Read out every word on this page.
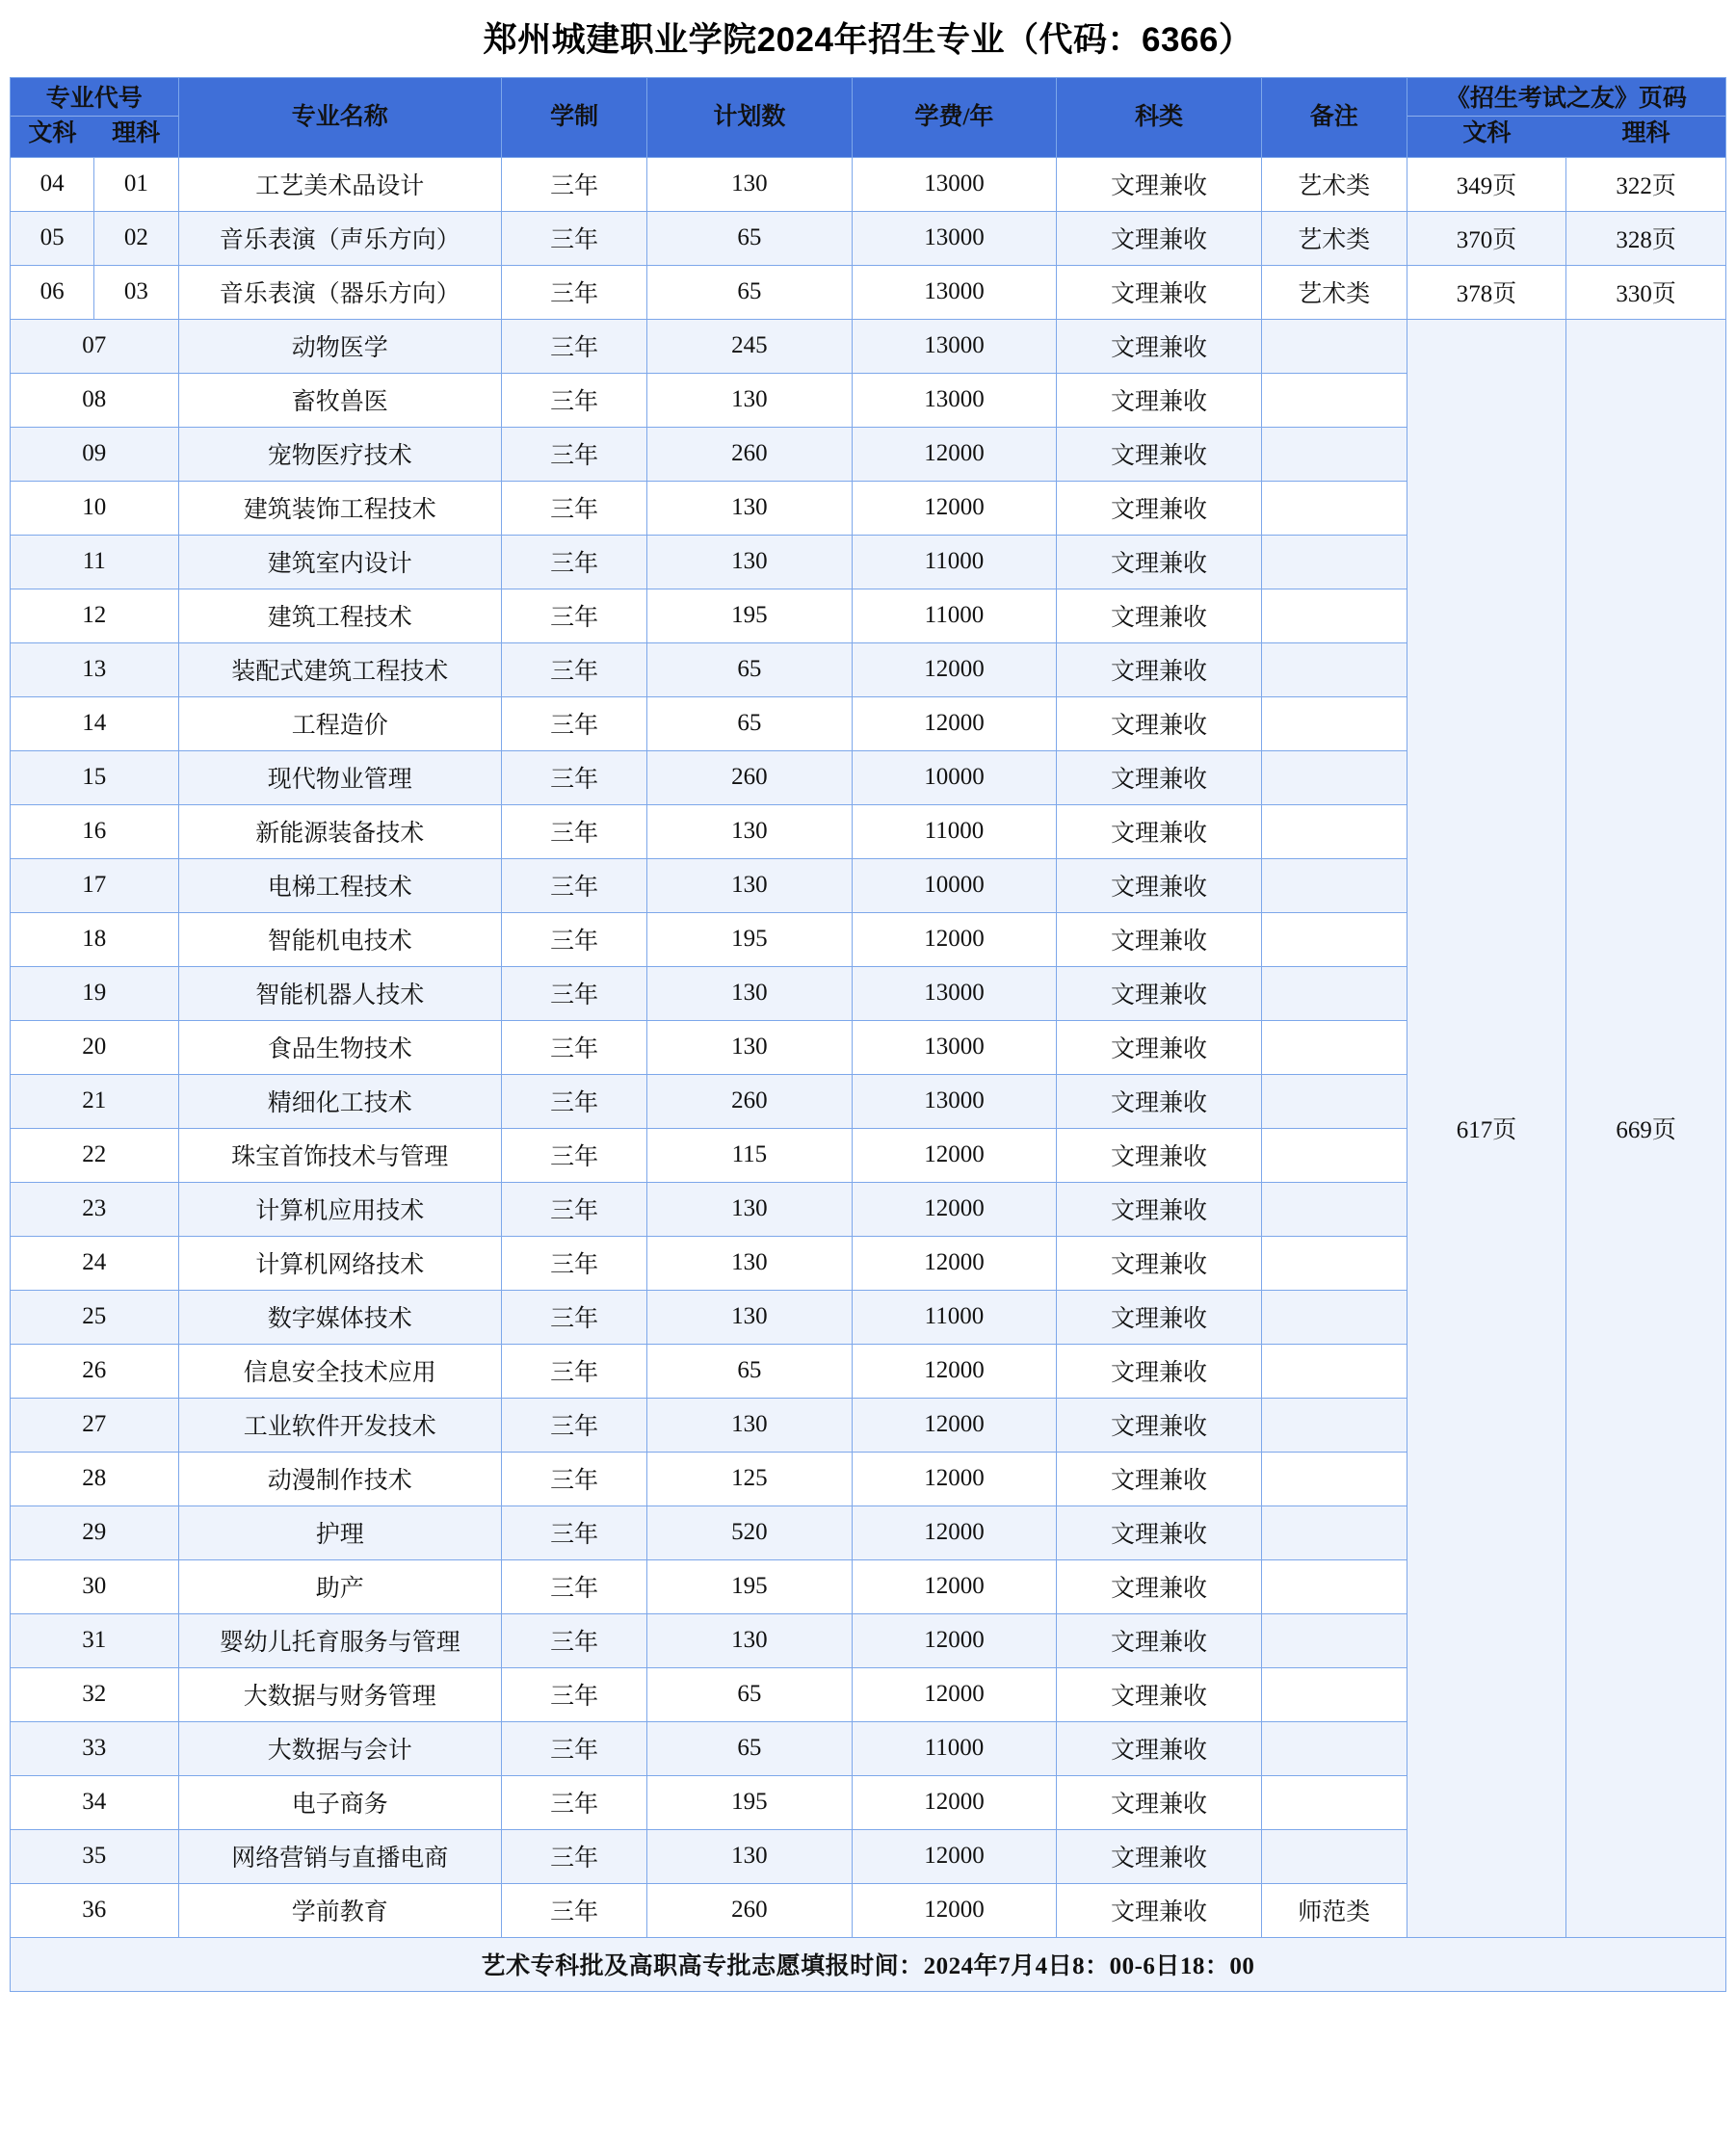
郑州城建职业学院2024年招生专业（代码：6366）
专业代号
文科 理科		专业名称	学制	计划数	学费/年	科类	备注	《招生考试之友》页码
文科 理科	

04	01	工艺美术品设计	三年	130	13000	文理兼收	艺术类	349页	322页
05	02	音乐表演（声乐方向）	三年	65	13000	文理兼收	艺术类	370页	328页
06	03	音乐表演（器乐方向）	三年	65	13000	文理兼收	艺术类	378页	330页
07		动物医学	三年	245	13000	文理兼收		617页	669页
08		畜牧兽医	三年	130	13000	文理兼收			
09		宠物医疗技术	三年	260	12000	文理兼收			
10		建筑装饰工程技术	三年	130	12000	文理兼收			
11		建筑室内设计	三年	130	11000	文理兼收			
12		建筑工程技术	三年	195	11000	文理兼收			
13		装配式建筑工程技术	三年	65	12000	文理兼收			
14		工程造价	三年	65	12000	文理兼收			
15		现代物业管理	三年	260	10000	文理兼收			
16		新能源装备技术	三年	130	11000	文理兼收			
17		电梯工程技术	三年	130	10000	文理兼收			
18		智能机电技术	三年	195	12000	文理兼收			
19		智能机器人技术	三年	130	13000	文理兼收			
20		食品生物技术	三年	130	13000	文理兼收			
21		精细化工技术	三年	260	13000	文理兼收			
22		珠宝首饰技术与管理	三年	115	12000	文理兼收			
23		计算机应用技术	三年	130	12000	文理兼收			
24		计算机网络技术	三年	130	12000	文理兼收			
25		数字媒体技术	三年	130	11000	文理兼收			
26		信息安全技术应用	三年	65	12000	文理兼收			
27		工业软件开发技术	三年	130	12000	文理兼收			
28		动漫制作技术	三年	125	12000	文理兼收			
29		护理	三年	520	12000	文理兼收			
30		助产	三年	195	12000	文理兼收			
31		婴幼儿托育服务与管理	三年	130	12000	文理兼收			
32		大数据与财务管理	三年	65	12000	文理兼收			
33		大数据与会计	三年	65	11000	文理兼收			
34		电子商务	三年	195	12000	文理兼收			
35		网络营销与直播电商	三年	130	12000	文理兼收			
36		学前教育	三年	260	12000	文理兼收	师范类		
艺术专科批及高职高专批志愿填报时间：2024年7月4日8：00-6日18：00									
